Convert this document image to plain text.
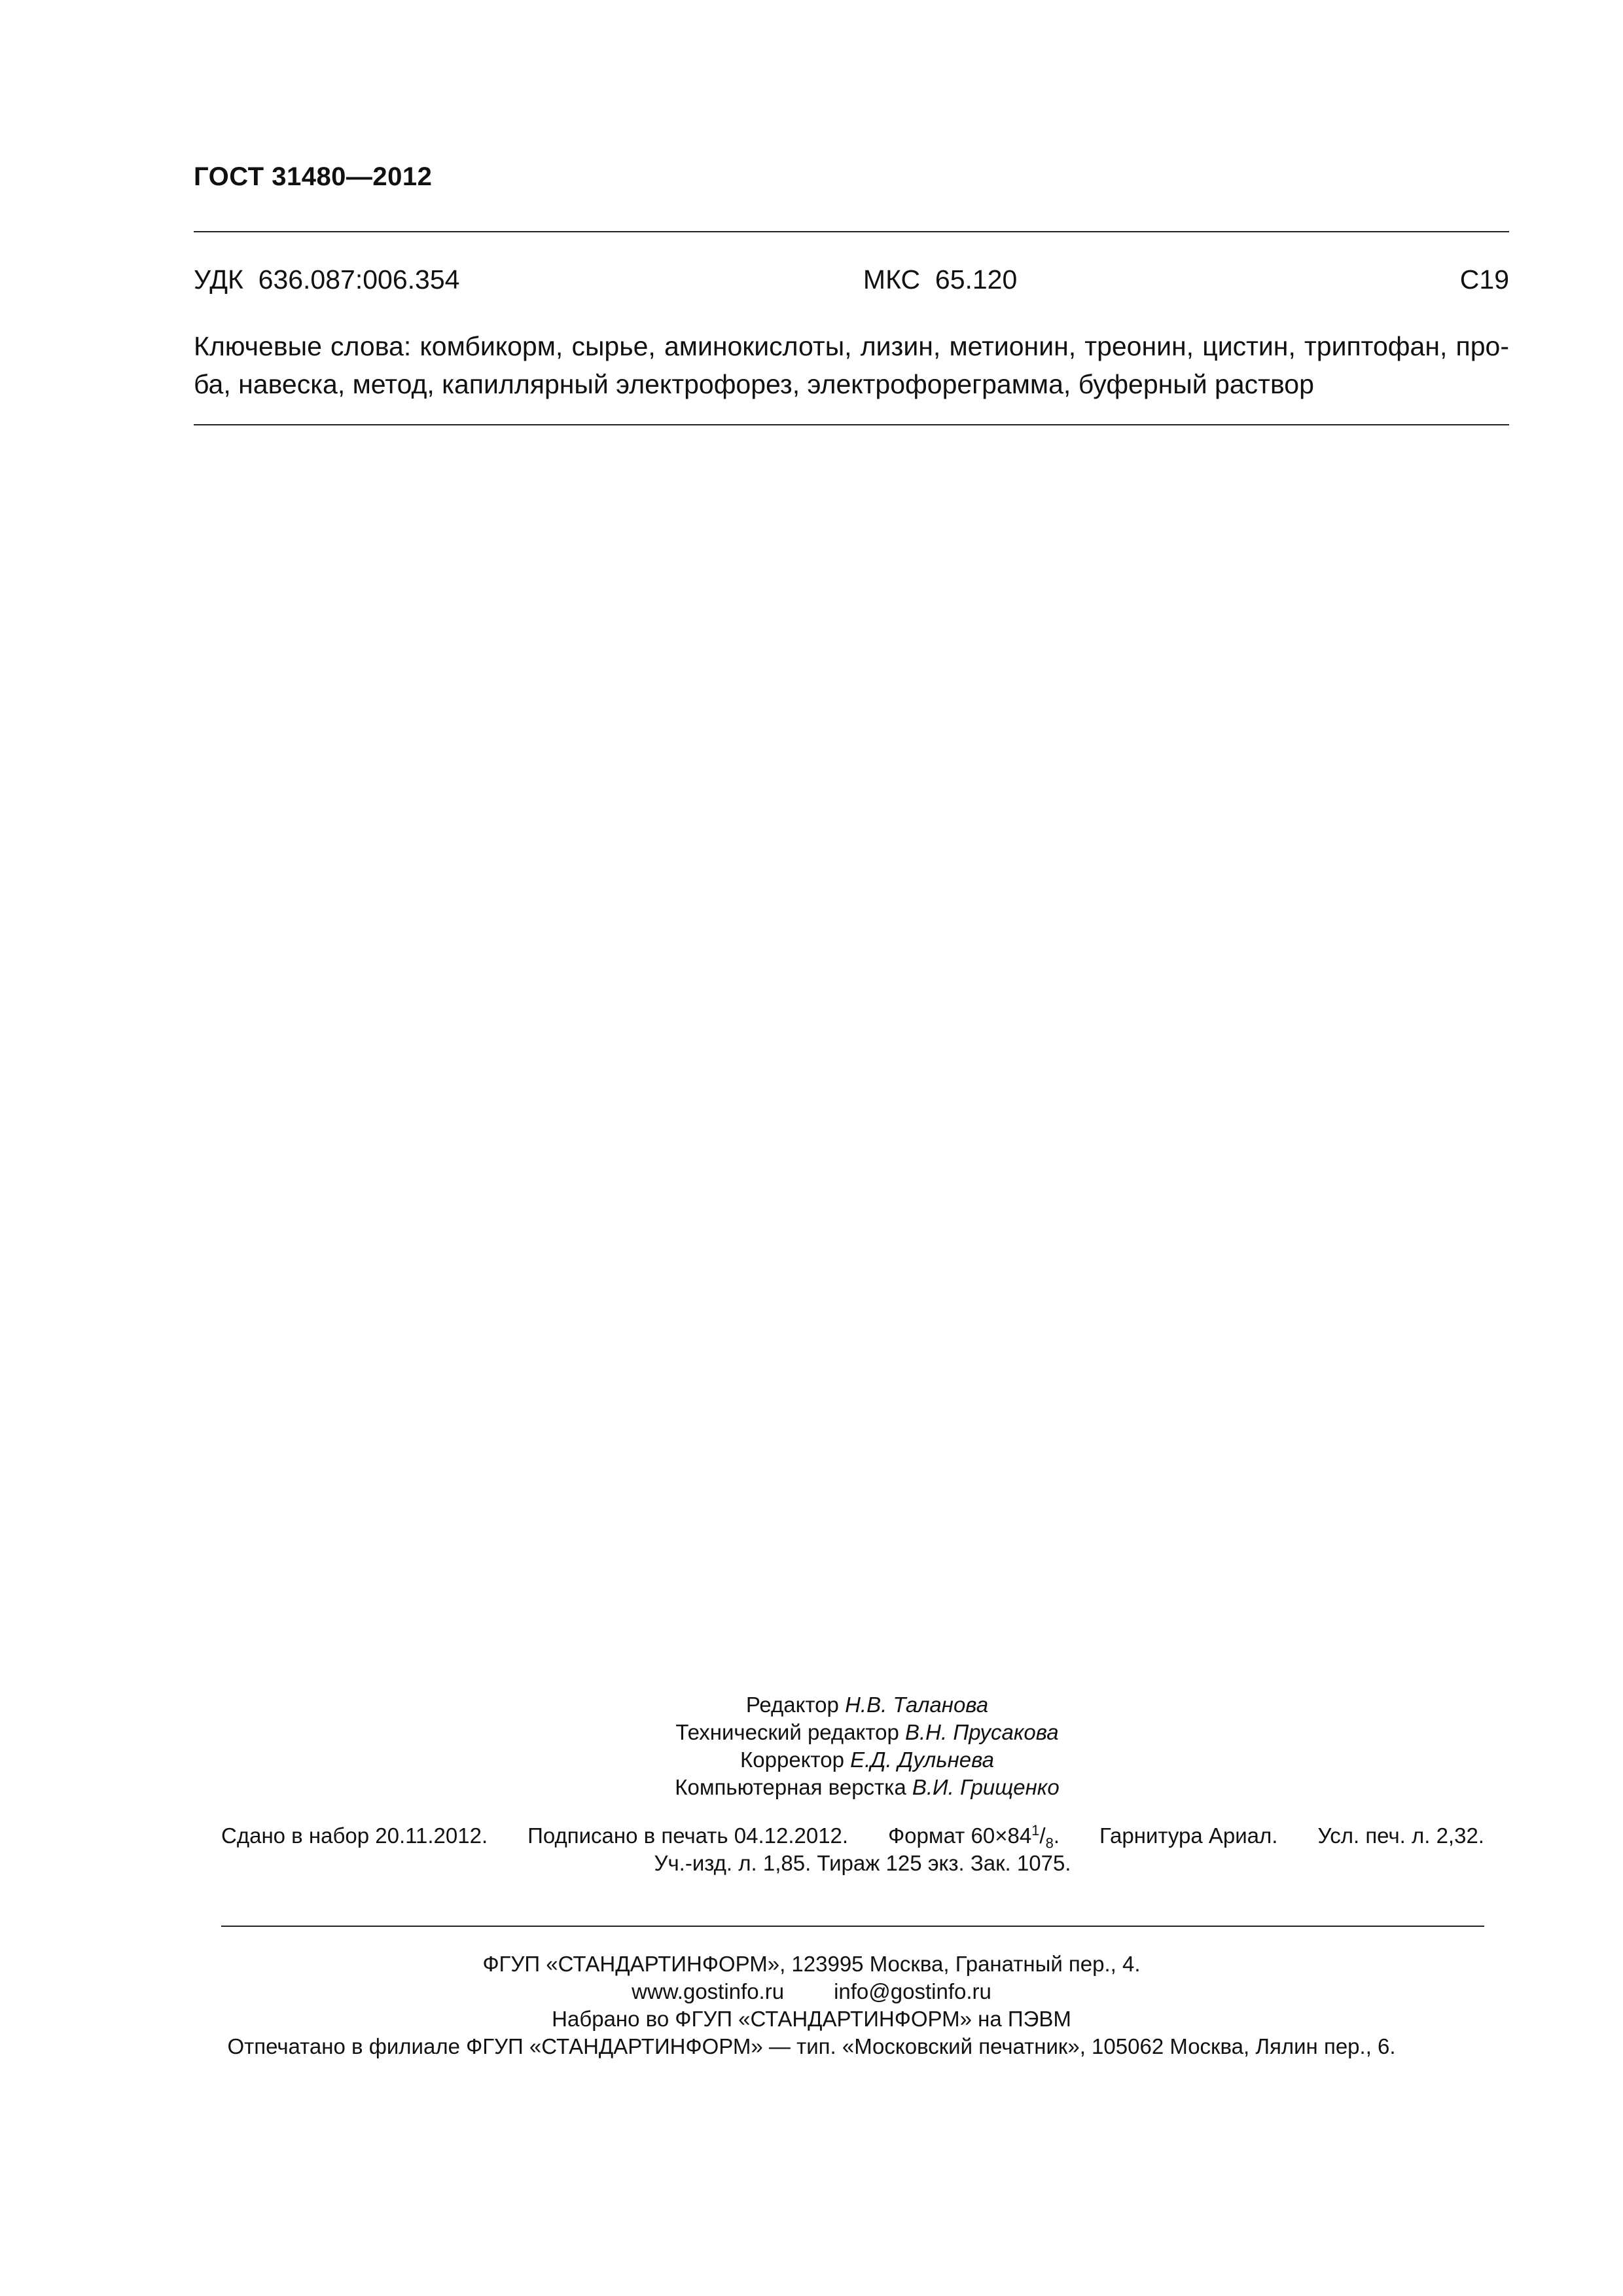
ГОСТ 31480—2012
УДК  636.087:006.354	МКС  65.120	С19
Ключевые слова: комбикорм, сырье, аминокислоты, лизин, метионин, треонин, цистин, триптофан, про-
ба, навеска, метод, капиллярный электрофорез, электрофореграмма, буферный раствор
Редактор Н.В. Таланова
Технический редактор В.Н. Прусакова
Корректор Е.Д. Дульнева
Компьютерная верстка В.И. Грищенко
Сдано в набор 20.11.2012. Подписано в печать 04.12.2012. Формат $60\times 84^1/_8$. Гарнитура Ариал. Усл. печ. л. 2,32.
Уч.-изд. л. 1,85. Тираж 125 экз. Зак. 1075.
ФГУП «СТАНДАРТИНФОРМ», 123995 Москва, Гранатный пер., 4.
www.gostinfo.ru info@gostinfo.ru
Набрано во ФГУП «СТАНДАРТИНФОРМ» на ПЭВМ
Отпечатано в филиале ФГУП «СТАНДАРТИНФОРМ» — тип. «Московский печатник», 105062 Москва, Лялин пер., 6.
